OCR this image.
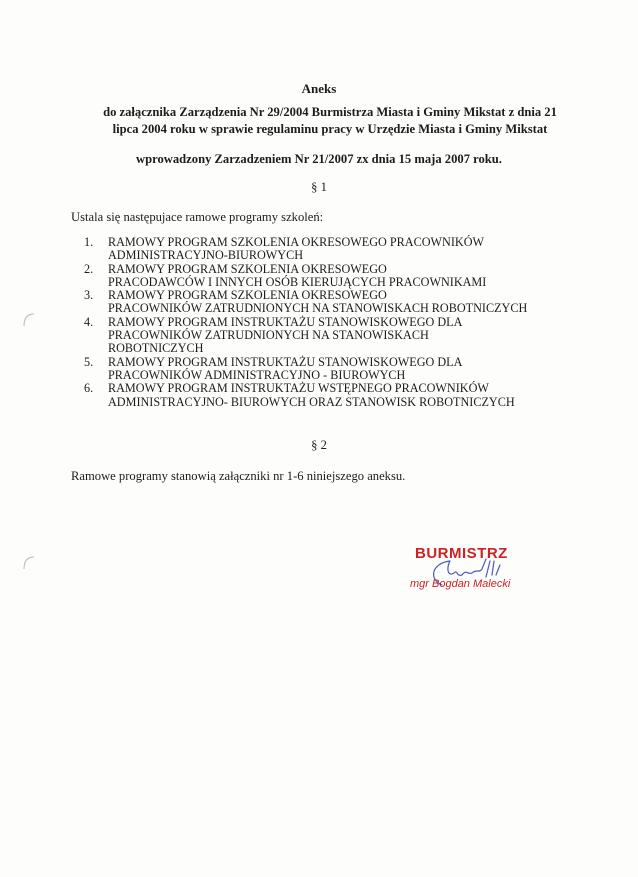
Aneks
do załącznika Zarządzenia Nr 29/2004 Burmistrza Miasta i Gminy Mikstat z dnia 21
lipca 2004 roku w sprawie regulaminu pracy w Urzędzie Miasta i Gminy Mikstat
wprowadzony Zarzadzeniem Nr 21/2007 zx dnia 15 maja 2007 roku.
§ 1
Ustala się następujace ramowe programy szkoleń:
1. RAMOWY PROGRAM SZKOLENIA OKRESOWEGO PRACOWNIKÓW
ADMINISTRACYJNO-BIUROWYCH
2. RAMOWY PROGRAM SZKOLENIA OKRESOWEGO
PRACODAWCÓW I INNYCH OSÓB KIERUJĄCYCH PRACOWNIKAMI
3. RAMOWY PROGRAM SZKOLENIA OKRESOWEGO
PRACOWNIKÓW ZATRUDNIONYCH NA STANOWISKACH ROBOTNICZYCH
4. RAMOWY PROGRAM INSTRUKTAŻU STANOWISKOWEGO DLA
PRACOWNIKÓW ZATRUDNIONYCH NA STANOWISKACH
ROBOTNICZYCH
5. RAMOWY PROGRAM INSTRUKTAŻU STANOWISKOWEGO DLA
PRACOWNIKÓW ADMINISTRACYJNO - BIUROWYCH
6. RAMOWY PROGRAM INSTRUKTAŻU WSTĘPNEGO PRACOWNIKÓW
ADMINISTRACYJNO- BIUROWYCH ORAZ STANOWISK ROBOTNICZYCH
§ 2
Ramowe programy stanowią załączniki nr 1-6 niniejszego aneksu.
BURMISTRZ
mgr Bogdan Malecki
